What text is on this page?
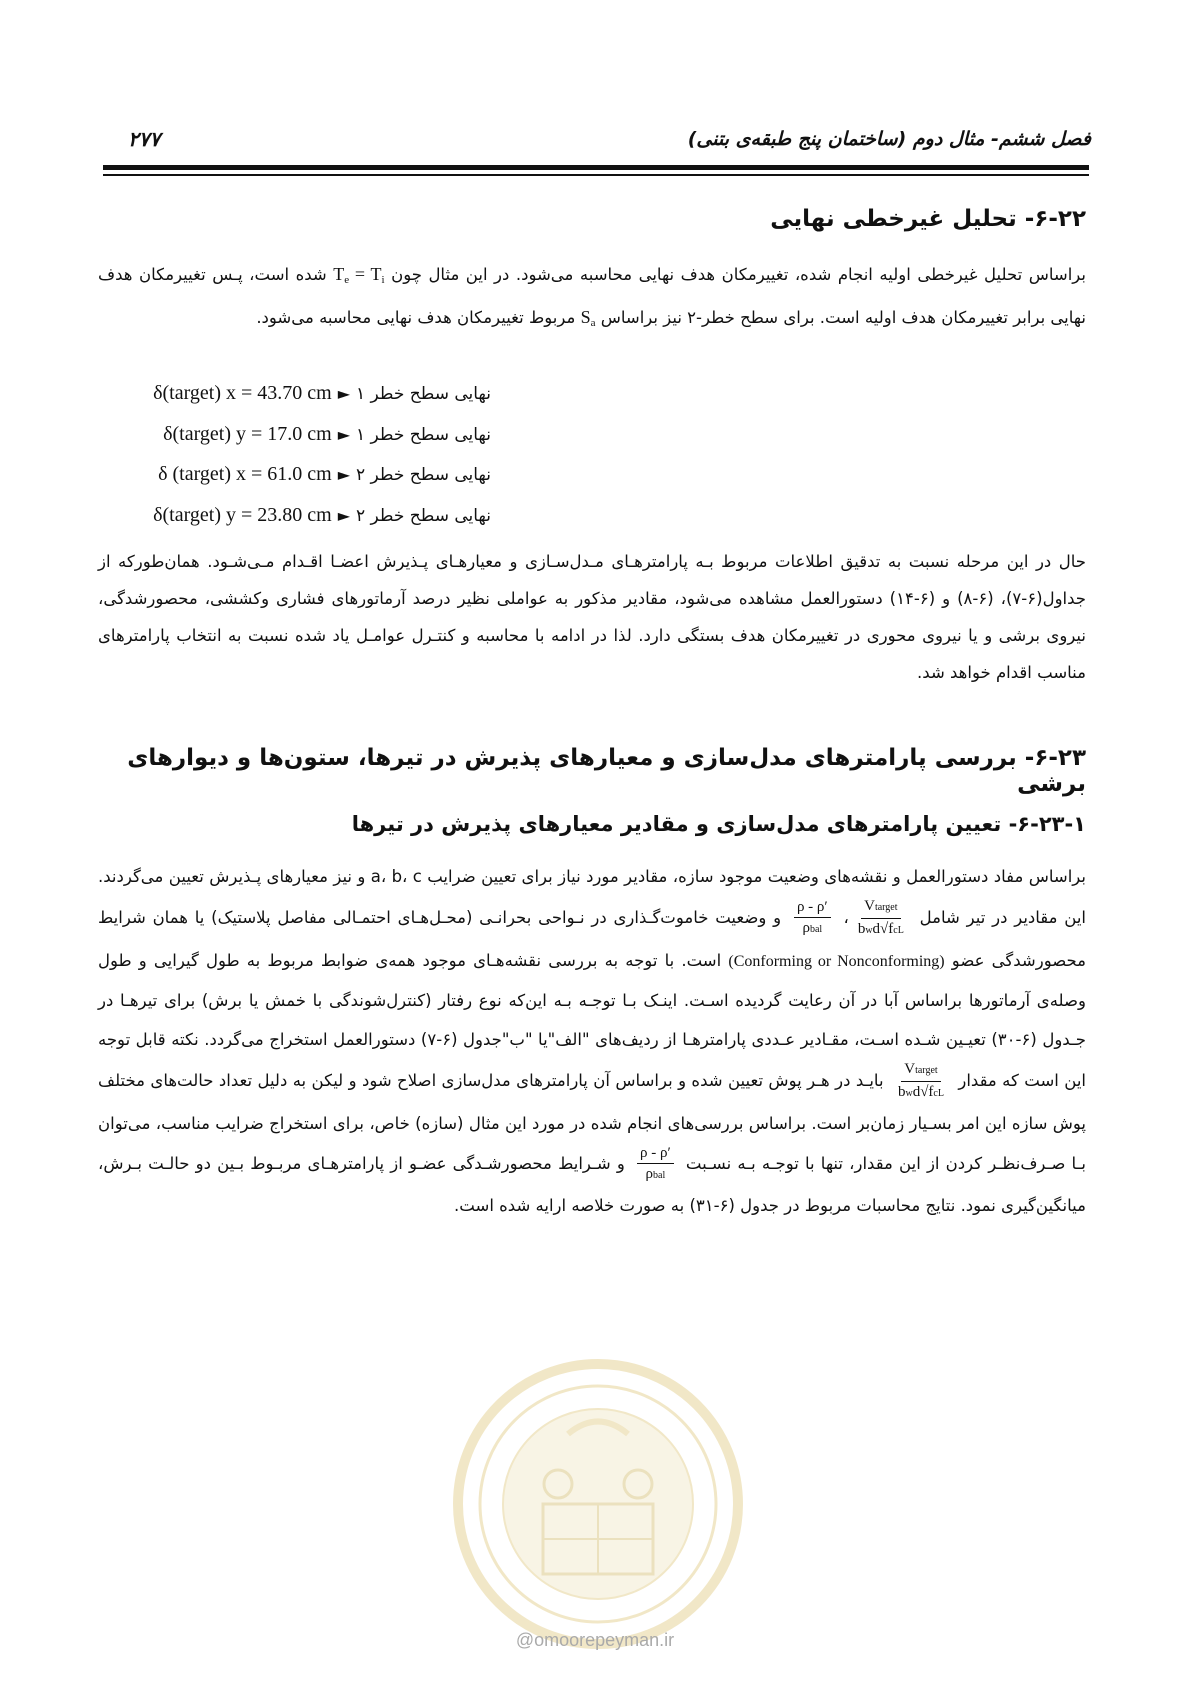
فصل ششم- مثال دوم (ساختمان پنج طبقه‌ی بتنی)
۲۷۷
۶-۲۲- تحلیل غیرخطی نهایی

براساس تحلیل غیرخطی اولیه انجام شده، تغییرمکان هدف نهایی محاسبه می‌شود. در این مثال چون $T_e = T_i$ شده است، پـس تغییرمکان هدف نهایی برابر تغییرمکان هدف اولیه است. برای سطح خطر-۲ نیز براساس $S_a$ مربوط تغییرمکان هدف نهایی محاسبه می‌شود.

نهایی سطح خطر ۱
►
δ(target) x = 43.70 cm
نهایی سطح خطر ۱
►
δ(target) y = 17.0 cm
نهایی سطح خطر ۲
►
δ (target) x = 61.0 cm
نهایی سطح خطر ۲
►
δ(target) y = 23.80 cm

حال در این مرحله نسبت به تدقیق اطلاعات مربوط بـه پارامترهـای مـدل‌سـازی و معیارهـای پـذیرش اعضـا اقـدام مـی‌شـود. همان‌طورکه از جداول(۶-۷)، (۶-۸) و (۶-۱۴) دستورالعمل مشاهده می‌شود، مقادیر مذکور به عواملی نظیر درصد آرماتورهای فشاری وکششی، محصورشدگی، نیروی برشی و یا نیروی محوری در تغییرمکان هدف بستگی دارد. لذا در ادامه با محاسبه و کنتـرل عوامـل یاد شده نسبت به انتخاب پارامترهای مناسب اقدام خواهد شد.

۶-۲۳- بررسی پارامترهای مدل‌سازی و معیارهای پذیرش در تیرها، ستون‌ها و دیوارهای برشی
۶-۲۳-۱- تعیین پارامترهای مدل‌سازی و مقادیر معیارهای پذیرش در تیرها

براساس مفاد دستورالعمل و نقشه‌های وضعیت موجود سازه، مقادیر مورد نیاز برای تعیین ضرایب a، b، c و نیز معیارهای پـذیرش تعیین می‌گردند. این مقادیر در تیر شامل
$\frac{\text{Vtarget}}{\text{bwd√fcL}}$
،
$\frac{\rho - \rho'}{\text{ρbal}}$
و وضعیت خاموت‌گـذاری در نـواحی بحرانـی (محـل‌هـای احتمـالی مفاصل پلاستیک) یا همان شرایط محصورشدگی عضو (Conforming or Nonconforming) است. با توجه به بررسی نقشه‌هـای موجود همه‌ی ضوابط مربوط به طول گیرایی و طول وصله‌ی آرماتورها براساس آبا در آن رعایت گردیده اسـت. اینـک بـا توجـه بـه این‌که نوع رفتار (کنترل‌شوندگی با خمش یا برش) برای تیرهـا در جـدول (۶-۳۰) تعیـین شـده اسـت، مقـادیر عـددی پارامترهـا از ردیف‌های "الف"یا "ب"جدول (۶-۷) دستورالعمل استخراج می‌گردد. نکته قابل توجه این است که مقدار
$\frac{\text{Vtarget}}{\text{bwd√fcL}}$
بایـد در هـر پوش تعیین شده و براساس آن پارامترهای مدل‌سازی اصلاح شود و لیکن به دلیل تعداد حالت‌های مختلف پوش سازه این امر بسـیار زمان‌بر است. براساس بررسی‌های انجام شده در مورد این مثال (سازه) خاص، برای استخراج ضرایب مناسب، می‌توان بـا صـرف‌نظـر کردن از این مقدار، تنها با توجـه بـه نسـبت
$\frac{\rho - \rho'}{\text{ρbal}}$
و شـرایط محصورشـدگی عضـو از پارامترهـای مربـوط بـین دو حالـت بـرش، میانگین‌گیری نمود. نتایج محاسبات مربوط در جدول (۶-۳۱) به صورت خلاصه ارایه شده است.

@omoorepeyman.ir
